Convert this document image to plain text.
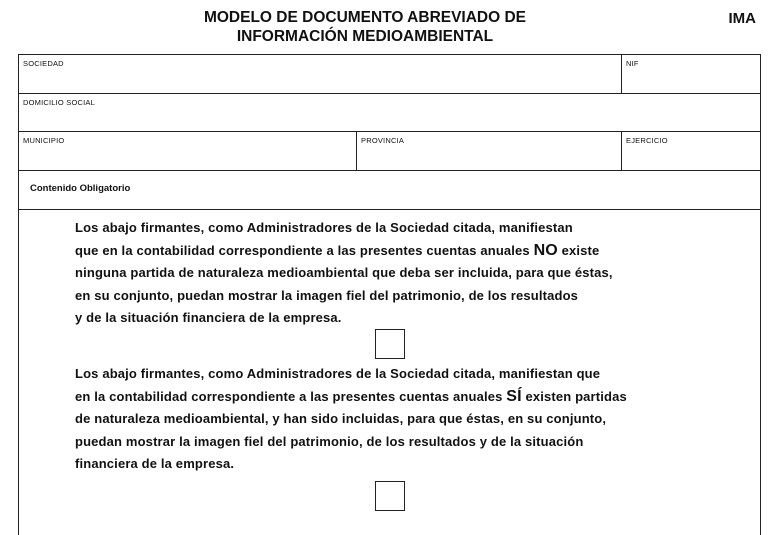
MODELO DE DOCUMENTO ABREVIADO DE
INFORMACIÓN MEDIOAMBIENTAL
IMA
SOCIEDAD	NIF
DOMICILIO SOCIAL
MUNICIPIO	PROVINCIA	EJERCICIO
Contenido Obligatorio
Los abajo firmantes, como Administradores de la Sociedad citada, manifiestan
que en la contabilidad correspondiente a las presentes cuentas anuales NO existe
ninguna partida de naturaleza medioambiental que deba ser incluida, para que éstas,
en su conjunto, puedan mostrar la imagen fiel del patrimonio, de los resultados
y de la situación financiera de la empresa.
Los abajo firmantes, como Administradores de la Sociedad citada, manifiestan que
en la contabilidad correspondiente a las presentes cuentas anuales SÍ existen partidas
de naturaleza medioambiental, y han sido incluidas, para que éstas, en su conjunto,
puedan mostrar la imagen fiel del patrimonio, de los resultados y de la situación
financiera de la empresa.
